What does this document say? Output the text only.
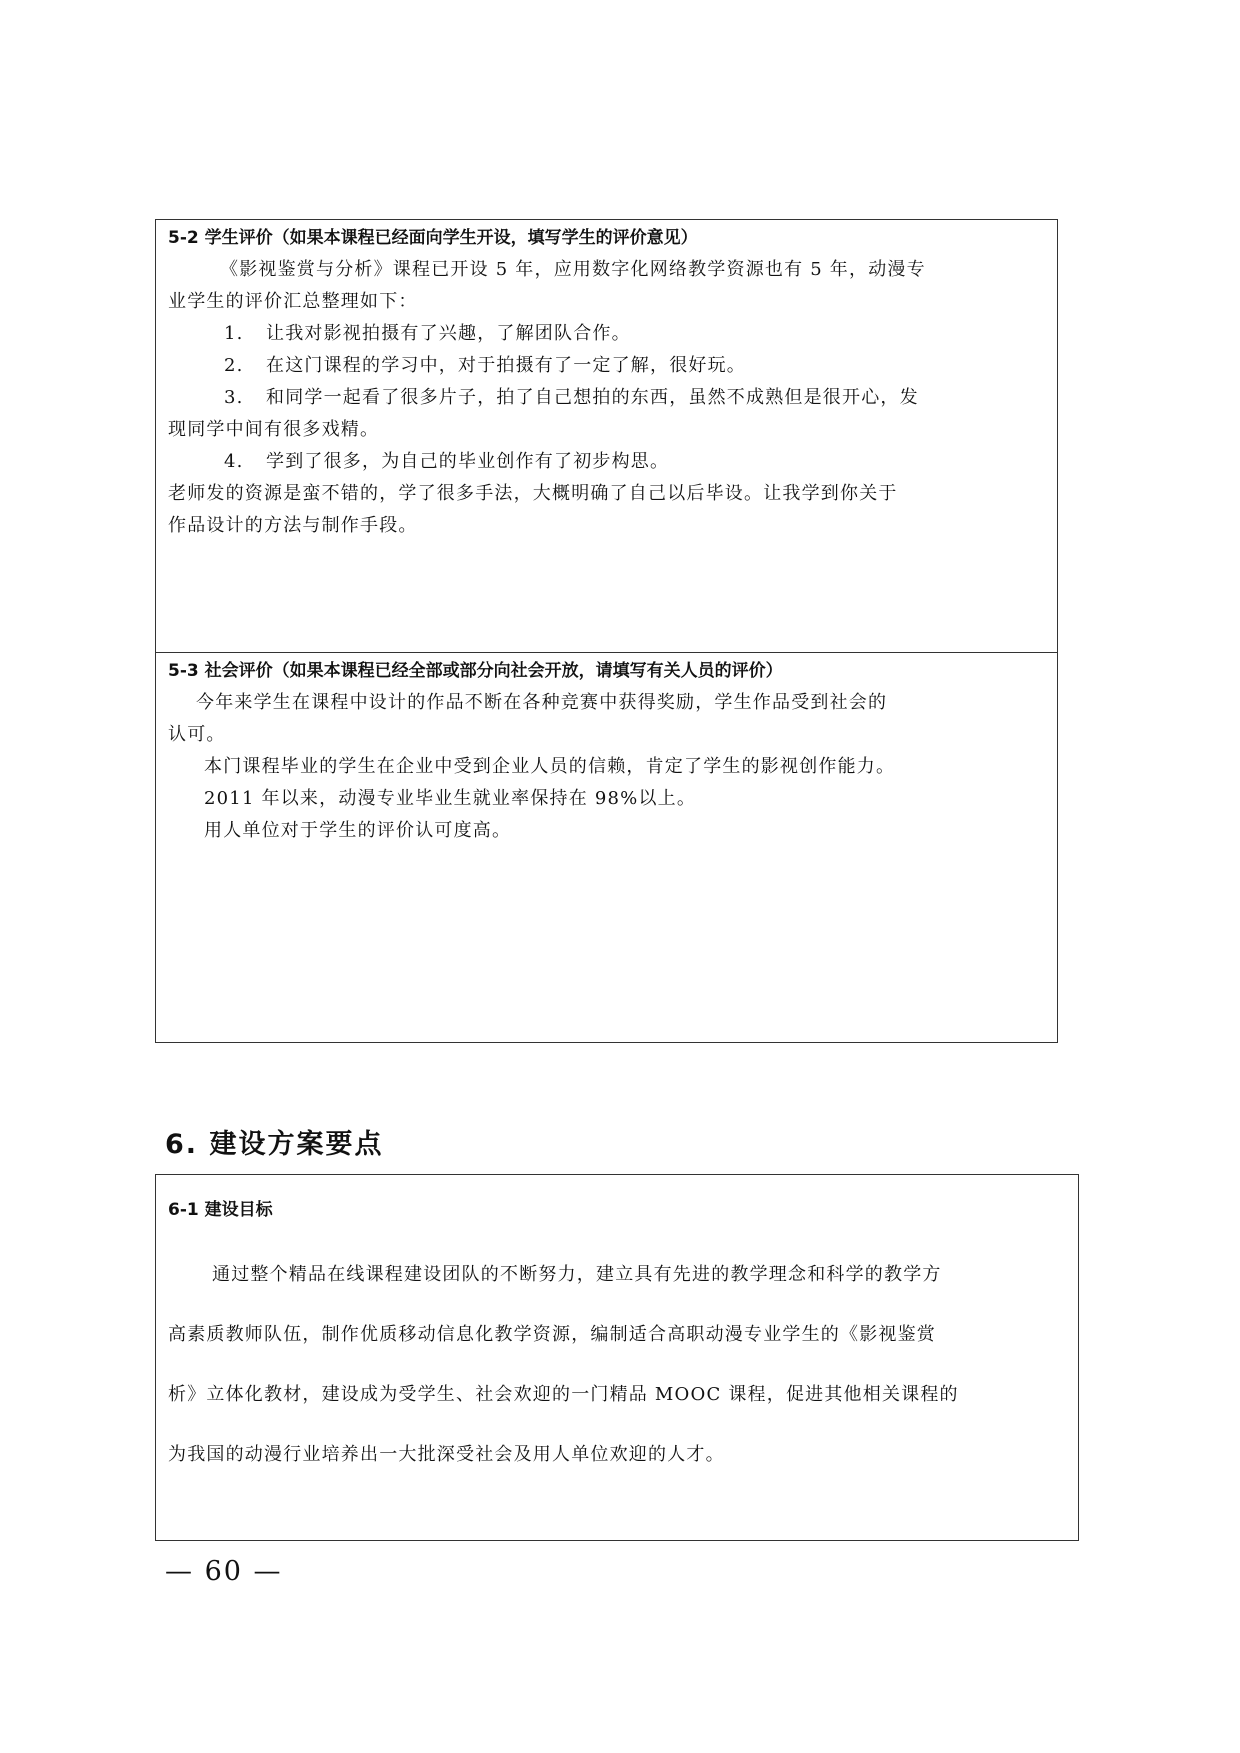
5-2 学生评价（如果本课程已经面向学生开设，填写学生的评价意见）
《影视鉴赏与分析》课程已开设 5 年，应用数字化网络教学资源也有 5 年，动漫专
业学生的评价汇总整理如下：
1. 让我对影视拍摄有了兴趣，了解团队合作。
2. 在这门课程的学习中，对于拍摄有了一定了解，很好玩。
3. 和同学一起看了很多片子，拍了自己想拍的东西，虽然不成熟但是很开心，发
现同学中间有很多戏精。
4. 学到了很多，为自己的毕业创作有了初步构思。
老师发的资源是蛮不错的，学了很多手法，大概明确了自己以后毕设。让我学到你关于
作品设计的方法与制作手段。
5-3 社会评价（如果本课程已经全部或部分向社会开放，请填写有关人员的评价）
今年来学生在课程中设计的作品不断在各种竞赛中获得奖励，学生作品受到社会的
认可。
本门课程毕业的学生在企业中受到企业人员的信赖，肯定了学生的影视创作能力。
2011 年以来，动漫专业毕业生就业率保持在 98%以上。
用人单位对于学生的评价认可度高。
6. 建设方案要点
6-1 建设目标
通过整个精品在线课程建设团队的不断努力，建立具有先进的教学理念和科学的教学方
高素质教师队伍，制作优质移动信息化教学资源，编制适合高职动漫专业学生的《影视鉴赏
析》立体化教材，建设成为受学生、社会欢迎的一门精品 MOOC 课程，促进其他相关课程的
为我国的动漫行业培养出一大批深受社会及用人单位欢迎的人才。
— 60 —
